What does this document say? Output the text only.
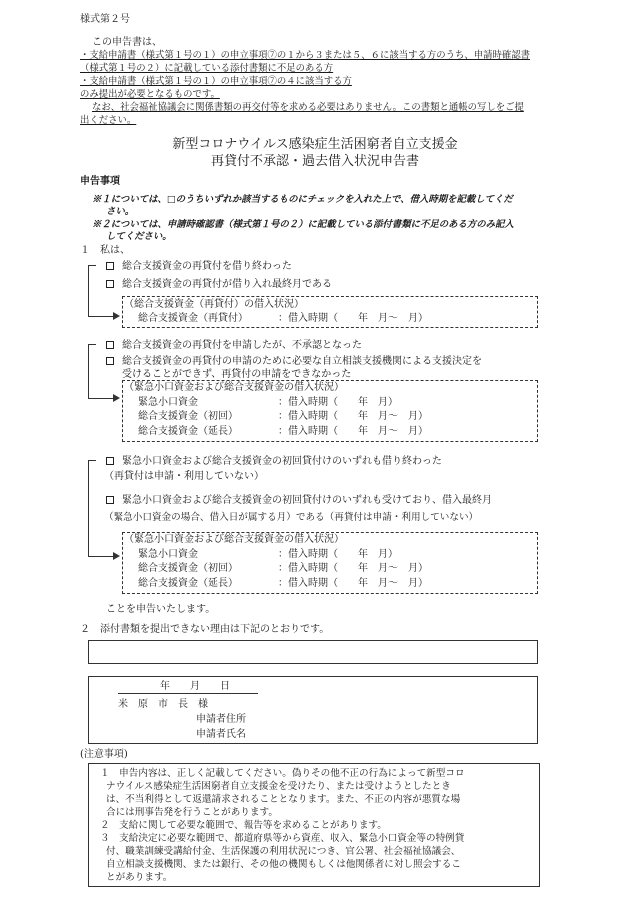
様式第２号
この申告書は、
・支給申請書（様式第１号の１）の申立事項⑦の１から３または５、６に該当する方のうち、申請時確認書
（様式第１号の２）に記載している添付書類に不足のある方
・支給申請書（様式第１号の１）の申立事項⑦の４に該当する方
のみ提出が必要となるものです。
なお、社会福祉協議会に関係書類の再交付等を求める必要はありません。この書類と通帳の写しをご提
出ください。
新型コロナウイルス感染症生活困窮者自立支援金
再貸付不承認・過去借入状況申告書
申告事項
※１については、□のうちいずれか該当するものにチェックを入れた上で、借入時期を記載してくだ
さい。
※２については、申請時確認書（様式第１号の２）に記載している添付書類に不足のある方のみ記入
してください。
１　私は、
総合支援資金の再貸付を借り終わった
総合支援資金の再貸付が借り入れ最終月である
（総合支援資金（再貸付）の借入状況）
総合支援資金（再貸付）	：借入時期（　　年　月～　月）
総合支援資金の再貸付を申請したが、不承認となった
総合支援資金の再貸付の申請のために必要な自立相談支援機関による支援決定を
受けることができず、再貸付の申請をできなかった
（緊急小口資金および総合支援資金の借入状況）
緊急小口資金	：借入時期（　　年　月）
総合支援資金（初回）	：借入時期（　　年　月～　月）
総合支援資金（延長）	：借入時期（　　年　月～　月）
緊急小口資金および総合支援資金の初回貸付けのいずれも借り終わった
（再貸付は申請・利用していない）
緊急小口資金および総合支援資金の初回貸付けのいずれも受けており、借入最終月
（緊急小口資金の場合、借入日が属する月）である（再貸付は申請・利用していない）
（緊急小口資金および総合支援資金の借入状況）
緊急小口資金	：借入時期（　　年　月）
総合支援資金（初回）	：借入時期（　　年　月～　月）
総合支援資金（延長）	：借入時期（　　年　月～　月）
ことを申告いたします。
２　添付書類を提出できない理由は下記のとおりです。
年　　月　　日
米　原　市　長　様
申請者住所
申請者氏名
(注意事項)
１　申告内容は、正しく記載してください。偽りその他不正の行為によって新型コロ
ナウイルス感染症生活困窮者自立支援金を受けたり、または受けようとしたとき
は、不当利得として返還請求されることとなります。また、不正の内容が悪質な場
合には刑事告発を行うことがあります。
２　支給に関して必要な範囲で、報告等を求めることがあります。
３　支給決定に必要な範囲で、都道府県等から資産、収入、緊急小口資金等の特例貸
付、職業訓練受講給付金、生活保護の利用状況につき、官公署、社会福祉協議会、
自立相談支援機関、または銀行、その他の機関もしくは他関係者に対し照会するこ
とがあります。
